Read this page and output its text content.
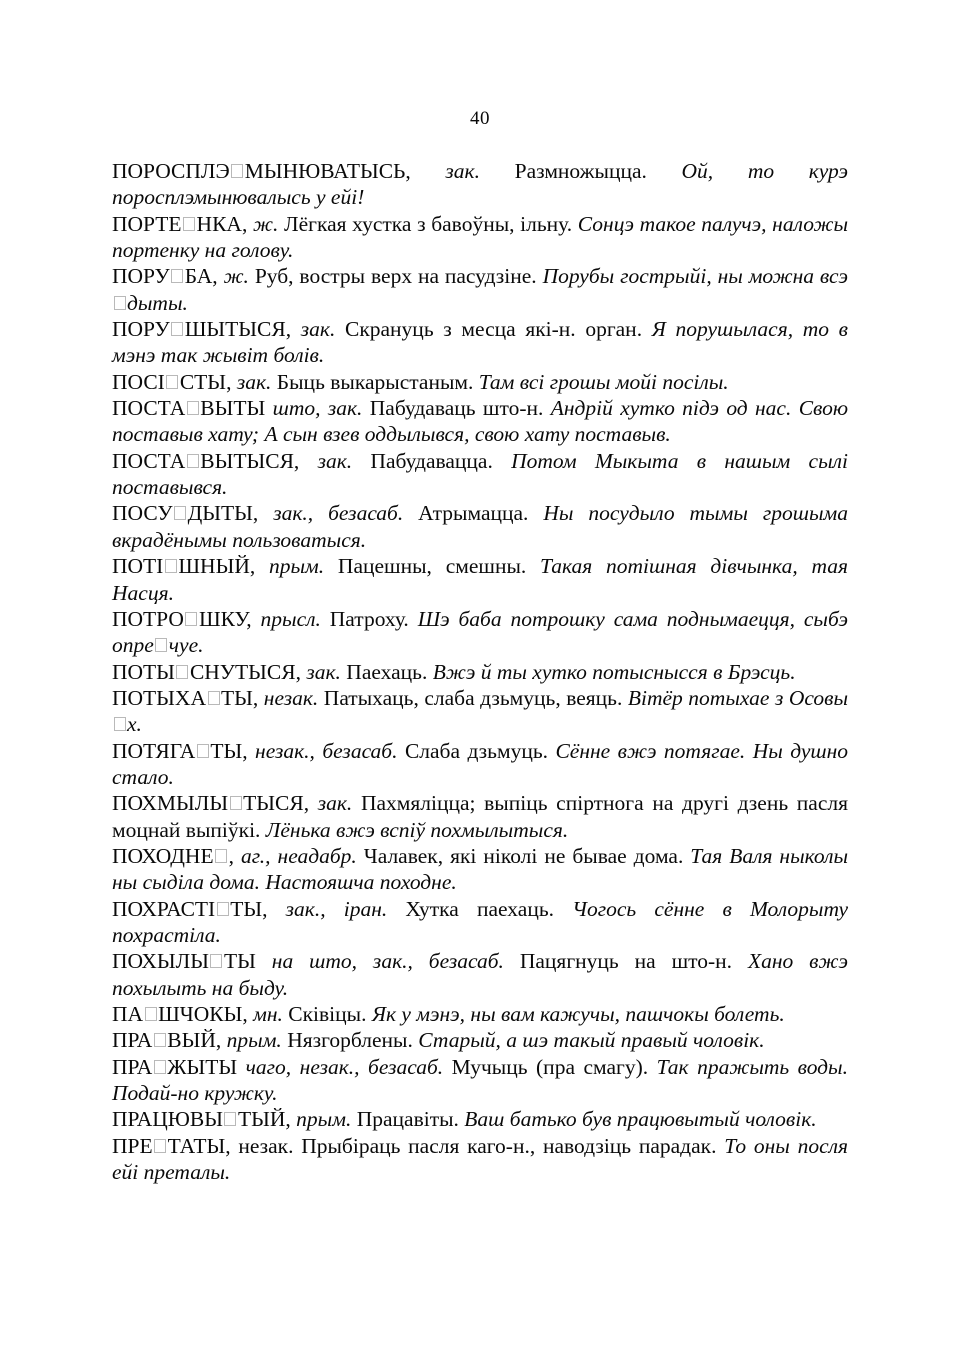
40

ПОРОСПЛЭ МЫНЮВАТЫСЬ, зак. Размножыцца. Ой, то курэ поросплэмынювалысь у ейі!

ПОРТЕ НКА, ж. Лёгкая хустка з бавоўны, ільну. Сонцэ такое палучэ, наложы портенку на голову.

ПОРУ БА, ж. Руб, востры верх на пасудзіне. Порубы гострыйі, ны можна всэдыты.

ПОРУ ШЫТЫСЯ, зак. Скрануць з месца які-н. орган. Я порушылася, то в мэнэ так жывіт болів.

ПОСІ СТЫ, зак. Быць выкарыстаным. Там всі грошы мойі посілы.

ПОСТА ВЫТЫ што, зак. Пабудаваць што-н. Андрій хутко підэ од нас. Свою поставыв хату; А сын взев оддылывся, свою хату поставыв.

ПОСТА ВЫТЫСЯ, зак. Пабудавацца. Потом Мыкыта в нашым сылі поставывся.

ПОСУ ДЫТЫ, зак., безасаб. Атрымацца. Ны посудыло тымы грошыма вкрадёнымы пользоватыся.

ПОТІ ШНЫЙ, прым. Пацешны, смешны. Такая потішная дівчынка, тая Насця.

ПОТРО ШКУ, прысл. Патроху. Шэ баба потрошку сама поднымаецця, сыбэ опре чуе.

ПОТЫ СНУТЫСЯ, зак. Паехаць. Вжэ й ты хутко потыснысся в Брэсць.

ПОТЫХА ТЫ, незак. Патыхаць, слаба дзьмуць, веяць. Вітёр потыхае з Осовых.

ПОТЯГА ТЫ, незак., безасаб. Слаба дзьмуць. Сённе вжэ потягае. Ны душно стало.

ПОХМЫЛЫ ТЫСЯ, зак. Пахмяліцца; выпіць спіртнога на другі дзень пасля моцнай выпіўкі. Лёнька вжэ вспіў похмылытыся.

ПОХОДНЕ , аг., неадабр. Чалавек, які ніколі не бывае дома. Тая Валя ныколы ны сыділа дома. Настояшча походне.

ПОХРАСТІ ТЫ, зак., іран. Хутка паехаць. Чогось сённе в Молорыту похрастіла.

ПОХЫЛЫ ТЫ на што, зак., безасаб. Пацягнуць на што-н. Хано вжэ похылыть на быду.

ПА ШЧОКЫ, мн. Сківіцы. Як у мэнэ, ны вам кажучы, пашчокы болеть.

ПРА ВЫЙ, прым. Нязгорблены. Старый, а шэ такый правый чоловік.

ПРА ЖЫТЫ чаго, незак., безасаб. Мучыць (пра смагу). Так пражыть воды. Подай-но кружку.

ПРАЦЮВЫ ТЫЙ, прым. Працавіты. Ваш батько був працювытый чоловік.

ПРЕ ТАТЫ, незак. Прыбіраць пасля каго-н., наводзіць парадак. То оны посля ейі преталы.
